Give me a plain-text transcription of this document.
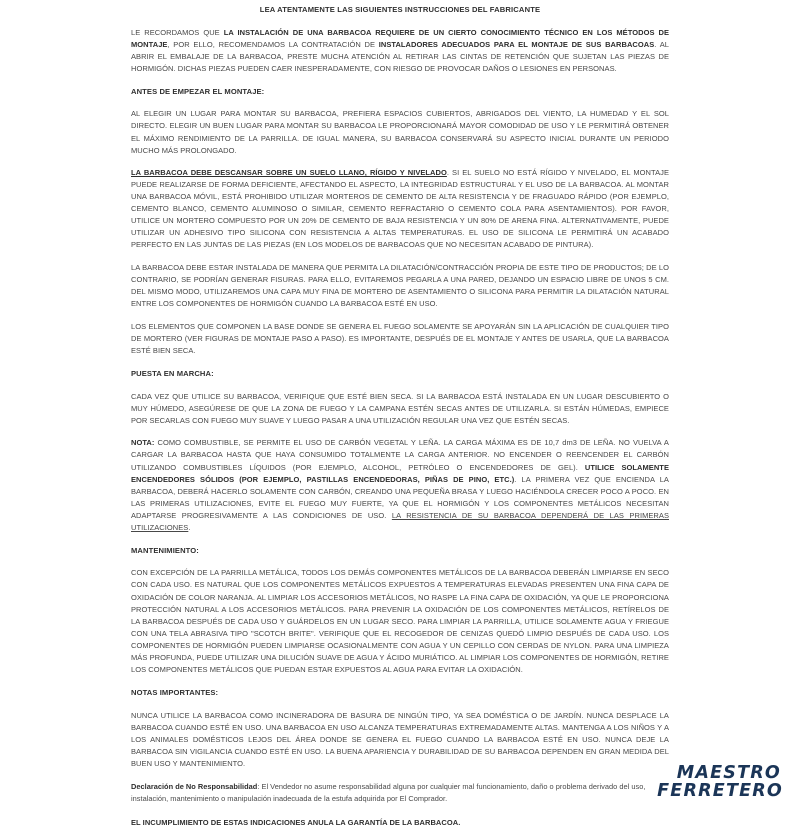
LEA ATENTAMENTE LAS SIGUIENTES INSTRUCCIONES DEL FABRICANTE

LE RECORDAMOS QUE LA INSTALACIÓN DE UNA BARBACOA REQUIERE DE UN CIERTO CONOCIMIENTO TÉCNICO EN LOS MÉTODOS DE MONTAJE, POR ELLO, RECOMENDAMOS LA CONTRATACIÓN DE INSTALADORES ADECUADOS PARA EL MONTAJE DE SUS BARBACOAS. AL ABRIR EL EMBALAJE DE LA BARBACOA, PRESTE MUCHA ATENCIÓN AL RETIRAR LAS CINTAS DE RETENCIÓN QUE SUJETAN LAS PIEZAS DE HORMIGÓN. DICHAS PIEZAS PUEDEN CAER INESPERADAMENTE, CON RIESGO DE PROVOCAR DAÑOS O LESIONES EN PERSONAS.

ANTES DE EMPEZAR EL MONTAJE:

AL ELEGIR UN LUGAR PARA MONTAR SU BARBACOA, PREFIERA ESPACIOS CUBIERTOS, ABRIGADOS DEL VIENTO, LA HUMEDAD Y EL SOL DIRECTO. ELEGIR UN BUEN LUGAR PARA MONTAR SU BARBACOA LE PROPORCIONARÁ MAYOR COMODIDAD DE USO Y LE PERMITIRÁ OBTENER EL MÁXIMO RENDIMIENTO DE LA PARRILLA. DE IGUAL MANERA, SU BARBACOA CONSERVARÁ SU ASPECTO INICIAL DURANTE UN PERIODO MUCHO MÁS PROLONGADO.

LA BARBACOA DEBE DESCANSAR SOBRE UN SUELO LLANO, RÍGIDO Y NIVELADO. SI EL SUELO NO ESTÁ RÍGIDO Y NIVELADO, EL MONTAJE PUEDE REALIZARSE DE FORMA DEFICIENTE, AFECTANDO EL ASPECTO, LA INTEGRIDAD ESTRUCTURAL Y EL USO DE LA BARBACOA. AL MONTAR UNA BARBACOA MÓVIL, ESTÁ PROHIBIDO UTILIZAR MORTEROS DE CEMENTO DE ALTA RESISTENCIA Y DE FRAGUADO RÁPIDO (POR EJEMPLO, CEMENTO BLANCO, CEMENTO ALUMINOSO O SIMILAR, CEMENTO REFRACTARIO O CEMENTO COLA PARA ASENTAMIENTOS). POR FAVOR, UTILICE UN MORTERO COMPUESTO POR UN 20% DE CEMENTO DE BAJA RESISTENCIA Y UN 80% DE ARENA FINA. ALTERNATIVAMENTE, PUEDE UTILIZAR UN ADHESIVO TIPO SILICONA CON RESISTENCIA A ALTAS TEMPERATURAS. EL USO DE SILICONA LE PERMITIRÁ UN ACABADO PERFECTO EN LAS JUNTAS DE LAS PIEZAS (EN LOS MODELOS DE BARBACOAS QUE NO NECESITAN ACABADO DE PINTURA).

LA BARBACOA DEBE ESTAR INSTALADA DE MANERA QUE PERMITA LA DILATACIÓN/CONTRACCIÓN PROPIA DE ESTE TIPO DE PRODUCTOS; DE LO CONTRARIO, SE PODRÍAN GENERAR FISURAS. PARA ELLO, EVITAREMOS PEGARLA A UNA PARED, DEJANDO UN ESPACIO LIBRE DE UNOS 5 CM. DEL MISMO MODO, UTILIZAREMOS UNA CAPA MUY FINA DE MORTERO DE ASENTAMIENTO O SILICONA PARA PERMITIR LA DILATACIÓN NATURAL ENTRE LOS COMPONENTES DE HORMIGÓN CUANDO LA BARBACOA ESTÉ EN USO.

LOS ELEMENTOS QUE COMPONEN LA BASE DONDE SE GENERA EL FUEGO SOLAMENTE SE APOYARÁN SIN LA APLICACIÓN DE CUALQUIER TIPO DE MORTERO (VER FIGURAS DE MONTAJE PASO A PASO). ES IMPORTANTE, DESPUÉS DE EL MONTAJE Y ANTES DE USARLA, QUE LA BARBACOA ESTÉ BIEN SECA.

PUESTA EN MARCHA:

CADA VEZ QUE UTILICE SU BARBACOA, VERIFIQUE QUE ESTÉ BIEN SECA. SI LA BARBACOA ESTÁ INSTALADA EN UN LUGAR DESCUBIERTO O MUY HÚMEDO, ASEGÚRESE DE QUE LA ZONA DE FUEGO Y LA CAMPANA ESTÉN SECAS ANTES DE UTILIZARLA. SI ESTÁN HÚMEDAS, EMPIECE POR SECARLAS CON FUEGO MUY SUAVE Y LUEGO PASAR A UNA UTILIZACIÓN REGULAR UNA VEZ QUE ESTÉN SECAS.

NOTA: COMO COMBUSTIBLE, SE PERMITE EL USO DE CARBÓN VEGETAL Y LEÑA. LA CARGA MÁXIMA ES DE 10,7 dm3 DE LEÑA. NO VUELVA A CARGAR LA BARBACOA HASTA QUE HAYA CONSUMIDO TOTALMENTE LA CARGA ANTERIOR. NO ENCENDER O REENCENDER EL CARBÓN UTILIZANDO COMBUSTIBLES LÍQUIDOS (POR EJEMPLO, ALCOHOL, PETRÓLEO O ENCENDEDORES DE GEL). UTILICE SOLAMENTE ENCENDEDORES SÓLIDOS (POR EJEMPLO, PASTILLAS ENCENDEDORAS, PIÑAS DE PINO, ETC.). LA PRIMERA VEZ QUE ENCIENDA LA BARBACOA, DEBERÁ HACERLO SOLAMENTE CON CARBÓN, CREANDO UNA PEQUEÑA BRASA Y LUEGO HACIÉNDOLA CRECER POCO A POCO. EN LAS PRIMERAS UTILIZACIONES, EVITE EL FUEGO MUY FUERTE, YA QUE EL HORMIGÓN Y LOS COMPONENTES METÁLICOS NECESITAN ADAPTARSE PROGRESIVAMENTE A LAS CONDICIONES DE USO. LA RESISTENCIA DE SU BARBACOA DEPENDERÁ DE LAS PRIMERAS UTILIZACIONES.

MANTENIMIENTO:

CON EXCEPCIÓN DE LA PARRILLA METÁLICA, TODOS LOS DEMÁS COMPONENTES METÁLICOS DE LA BARBACOA DEBERÁN LIMPIARSE EN SECO CON CADA USO. ES NATURAL QUE LOS COMPONENTES METÁLICOS EXPUESTOS A TEMPERATURAS ELEVADAS PRESENTEN UNA FINA CAPA DE OXIDACIÓN DE COLOR NARANJA. AL LIMPIAR LOS ACCESORIOS METÁLICOS, NO RASPE LA FINA CAPA DE OXIDACIÓN, YA QUE LE PROPORCIONA PROTECCIÓN NATURAL A LOS ACCESORIOS METÁLICOS. PARA PREVENIR LA OXIDACIÓN DE LOS COMPONENTES METÁLICOS, RETÍRELOS DE LA BARBACOA DESPUÉS DE CADA USO Y GUÁRDELOS EN UN LUGAR SECO. PARA LIMPIAR LA PARRILLA, UTILICE SOLAMENTE AGUA Y FRIEGUE CON UNA TELA ABRASIVA TIPO "SCOTCH BRITE". VERIFIQUE QUE EL RECOGEDOR DE CENIZAS QUEDÓ LIMPIO DESPUÉS DE CADA USO. LOS COMPONENTES DE HORMIGÓN PUEDEN LIMPIARSE OCASIONALMENTE CON AGUA Y UN CEPILLO CON CERDAS DE NYLON. PARA UNA LIMPIEZA MÁS PROFUNDA, PUEDE UTILIZAR UNA DILUCIÓN SUAVE DE AGUA Y ÁCIDO MURIÁTICO. AL LIMPIAR LOS COMPONENTES DE HORMIGÓN, RETIRE LOS COMPONENTES METÁLICOS QUE PUEDAN ESTAR EXPUESTOS AL AGUA PARA EVITAR LA OXIDACIÓN.

NOTAS IMPORTANTES:

NUNCA UTILICE LA BARBACOA COMO INCINERADORA DE BASURA DE NINGÚN TIPO, YA SEA DOMÉSTICA O DE JARDÍN. NUNCA DESPLACE LA BARBACOA CUANDO ESTÉ EN USO. UNA BARBACOA EN USO ALCANZA TEMPERATURAS EXTREMADAMENTE ALTAS. MANTENGA A LOS NIÑOS Y A LOS ANIMALES DOMÉSTICOS LEJOS DEL ÁREA DONDE SE GENERA EL FUEGO CUANDO LA BARBACOA ESTÉ EN USO. NUNCA DEJE LA BARBACOA SIN VIGILANCIA CUANDO ESTÉ EN USO. LA BUENA APARIENCIA Y DURABILIDAD DE SU BARBACOA DEPENDEN EN GRAN MEDIDA DEL BUEN USO Y MANTENIMIENTO.

Declaración de No Responsabilidad: El Vendedor no asume responsabilidad alguna por cualquier mal funcionamiento, daño o problema derivado del uso, instalación, mantenimiento o manipulación inadecuada de la estufa adquirida por El Comprador.

EL INCUMPLIMIENTO DE ESTAS INDICACIONES ANULA LA GARANTÍA DE LA BARBACOA.

MAESTRO
FERRETERO
